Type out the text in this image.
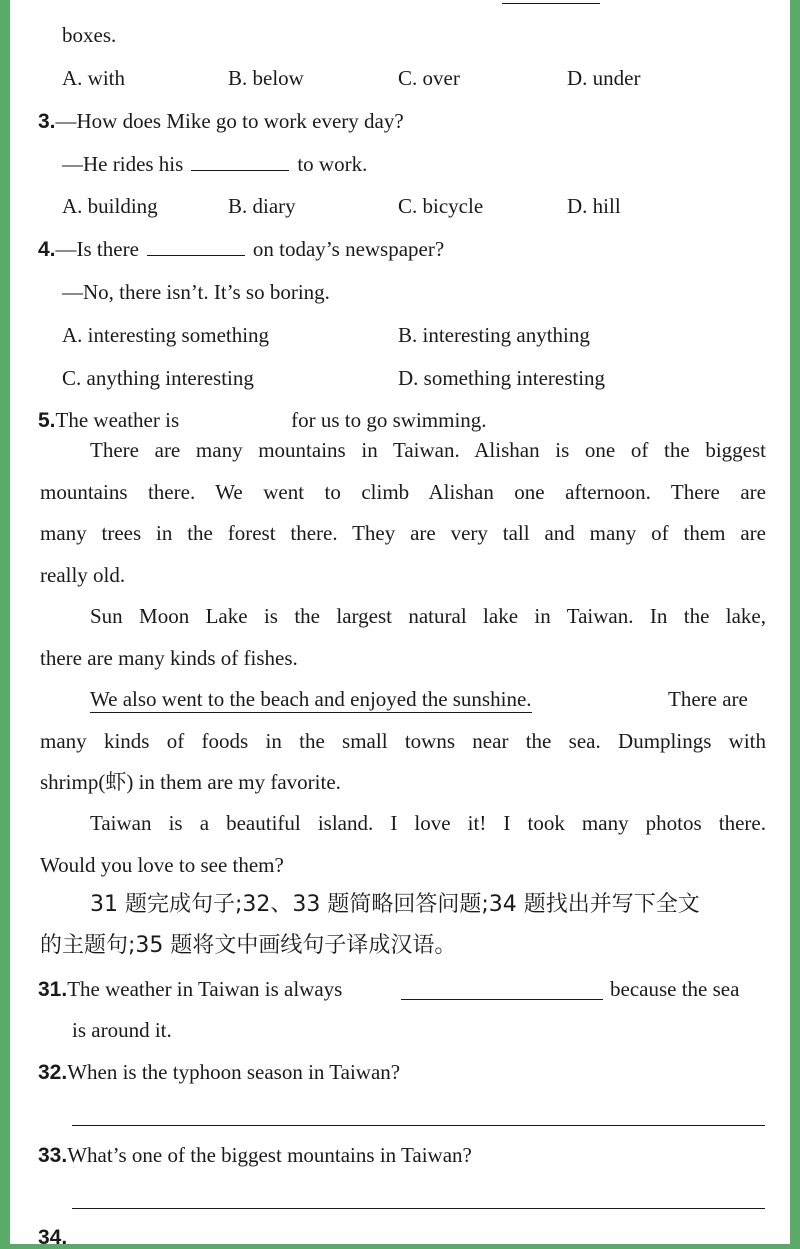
boxes.
A. with	B. below	C. over	D. under
3.—How does Mike go to work every day?
—He rides his	to work.
A. building	B. diary	C. bicycle	D. hill
4.—Is there	on today’s newspaper?
—No, there isn’t. It’s so boring.
A. interesting something	B. interesting anything
C. anything interesting	D. something interesting
5.The weather is	for us to go swimming.
There are many mountains in Taiwan. Alishan is one of the biggest
mountains there. We went to climb Alishan one afternoon. There are
many trees in the forest there. They are very tall and many of them are
really old.
Sun Moon Lake is the largest natural lake in Taiwan. In the lake,
there are many kinds of fishes.
We also went to the beach and enjoyed the sunshine.	There are
many kinds of foods in the small towns near the sea. Dumplings with
shrimp(虾) in them are my favorite.
Taiwan is a beautiful island. I love it! I took many photos there.
Would you love to see them?
31 题完成句子;32、33 题简略回答问题;34 题找出并写下全文
的主题句;35 题将文中画线句子译成汉语。
31.The weather in Taiwan is always	because the sea
is around it.
32.When is the typhoon season in Taiwan?
33.What’s one of the biggest mountains in Taiwan?
34.
